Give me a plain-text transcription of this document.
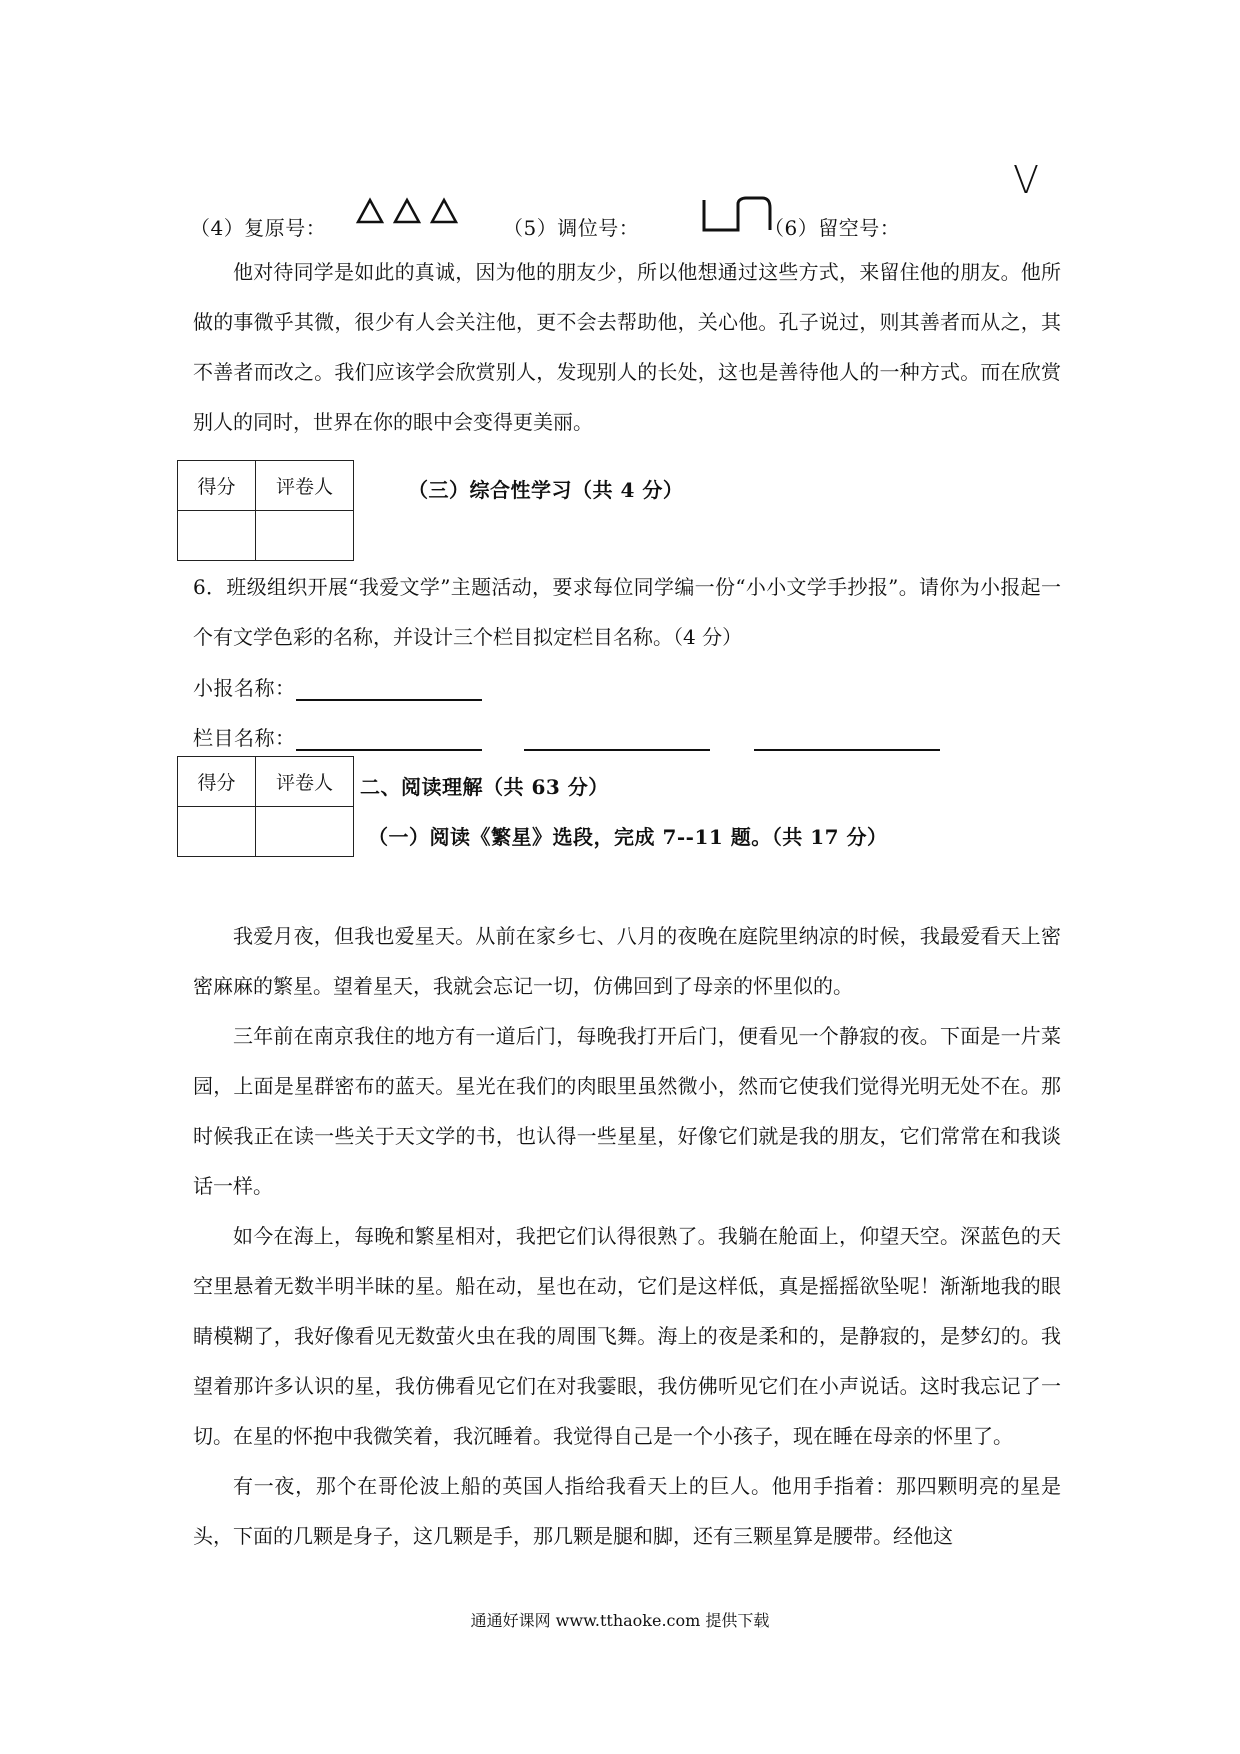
V
（4）复原号：	（5）调位号：	（6）留空号：

他对待同学是如此的真诚，因为他的朋友少，所以他想通过这些方式，来留住他的朋友。他所做的事微乎其微，很少有人会关注他，更不会去帮助他，关心他。孔子说过，则其善者而从之，其不善者而改之。我们应该学会欣赏别人，发现别人的长处，这也是善待他人的一种方式。而在欣赏别人的同时，世界在你的眼中会变得更美丽。

得分	评卷人
		（三）综合性学习（共 4 分）

6．班级组织开展“我爱文学”主题活动，要求每位同学编一份“小小文学手抄报”。请你为小报起一个有文学色彩的名称，并设计三个栏目拟定栏目名称。（4 分）

小报名称：
栏目名称：
得分	评卷人
	二、阅读理解（共 63 分）
（一）阅读《繁星》选段，完成 7--11 题。（共 17 分）

我爱月夜，但我也爱星天。从前在家乡七、八月的夜晚在庭院里纳凉的时候，我最爱看天上密密麻麻的繁星。望着星天，我就会忘记一切，仿佛回到了母亲的怀里似的。

三年前在南京我住的地方有一道后门，每晚我打开后门，便看见一个静寂的夜。下面是一片菜园，上面是星群密布的蓝天。星光在我们的肉眼里虽然微小，然而它使我们觉得光明无处不在。那时候我正在读一些关于天文学的书，也认得一些星星，好像它们就是我的朋友，它们常常在和我谈话一样。

如今在海上，每晚和繁星相对，我把它们认得很熟了。我躺在舱面上，仰望天空。深蓝色的天空里悬着无数半明半昧的星。船在动，星也在动，它们是这样低，真是摇摇欲坠呢！渐渐地我的眼睛模糊了，我好像看见无数萤火虫在我的周围飞舞。海上的夜是柔和的，是静寂的，是梦幻的。我望着那许多认识的星，我仿佛看见它们在对我霎眼，我仿佛听见它们在小声说话。这时我忘记了一切。在星的怀抱中我微笑着，我沉睡着。我觉得自己是一个小孩子，现在睡在母亲的怀里了。

有一夜，那个在哥伦波上船的英国人指给我看天上的巨人。他用手指着：那四颗明亮的星是头，下面的几颗是身子，这几颗是手，那几颗是腿和脚，还有三颗星算是腰带。经他这

通通好课网 www.tthaoke.com 提供下载
